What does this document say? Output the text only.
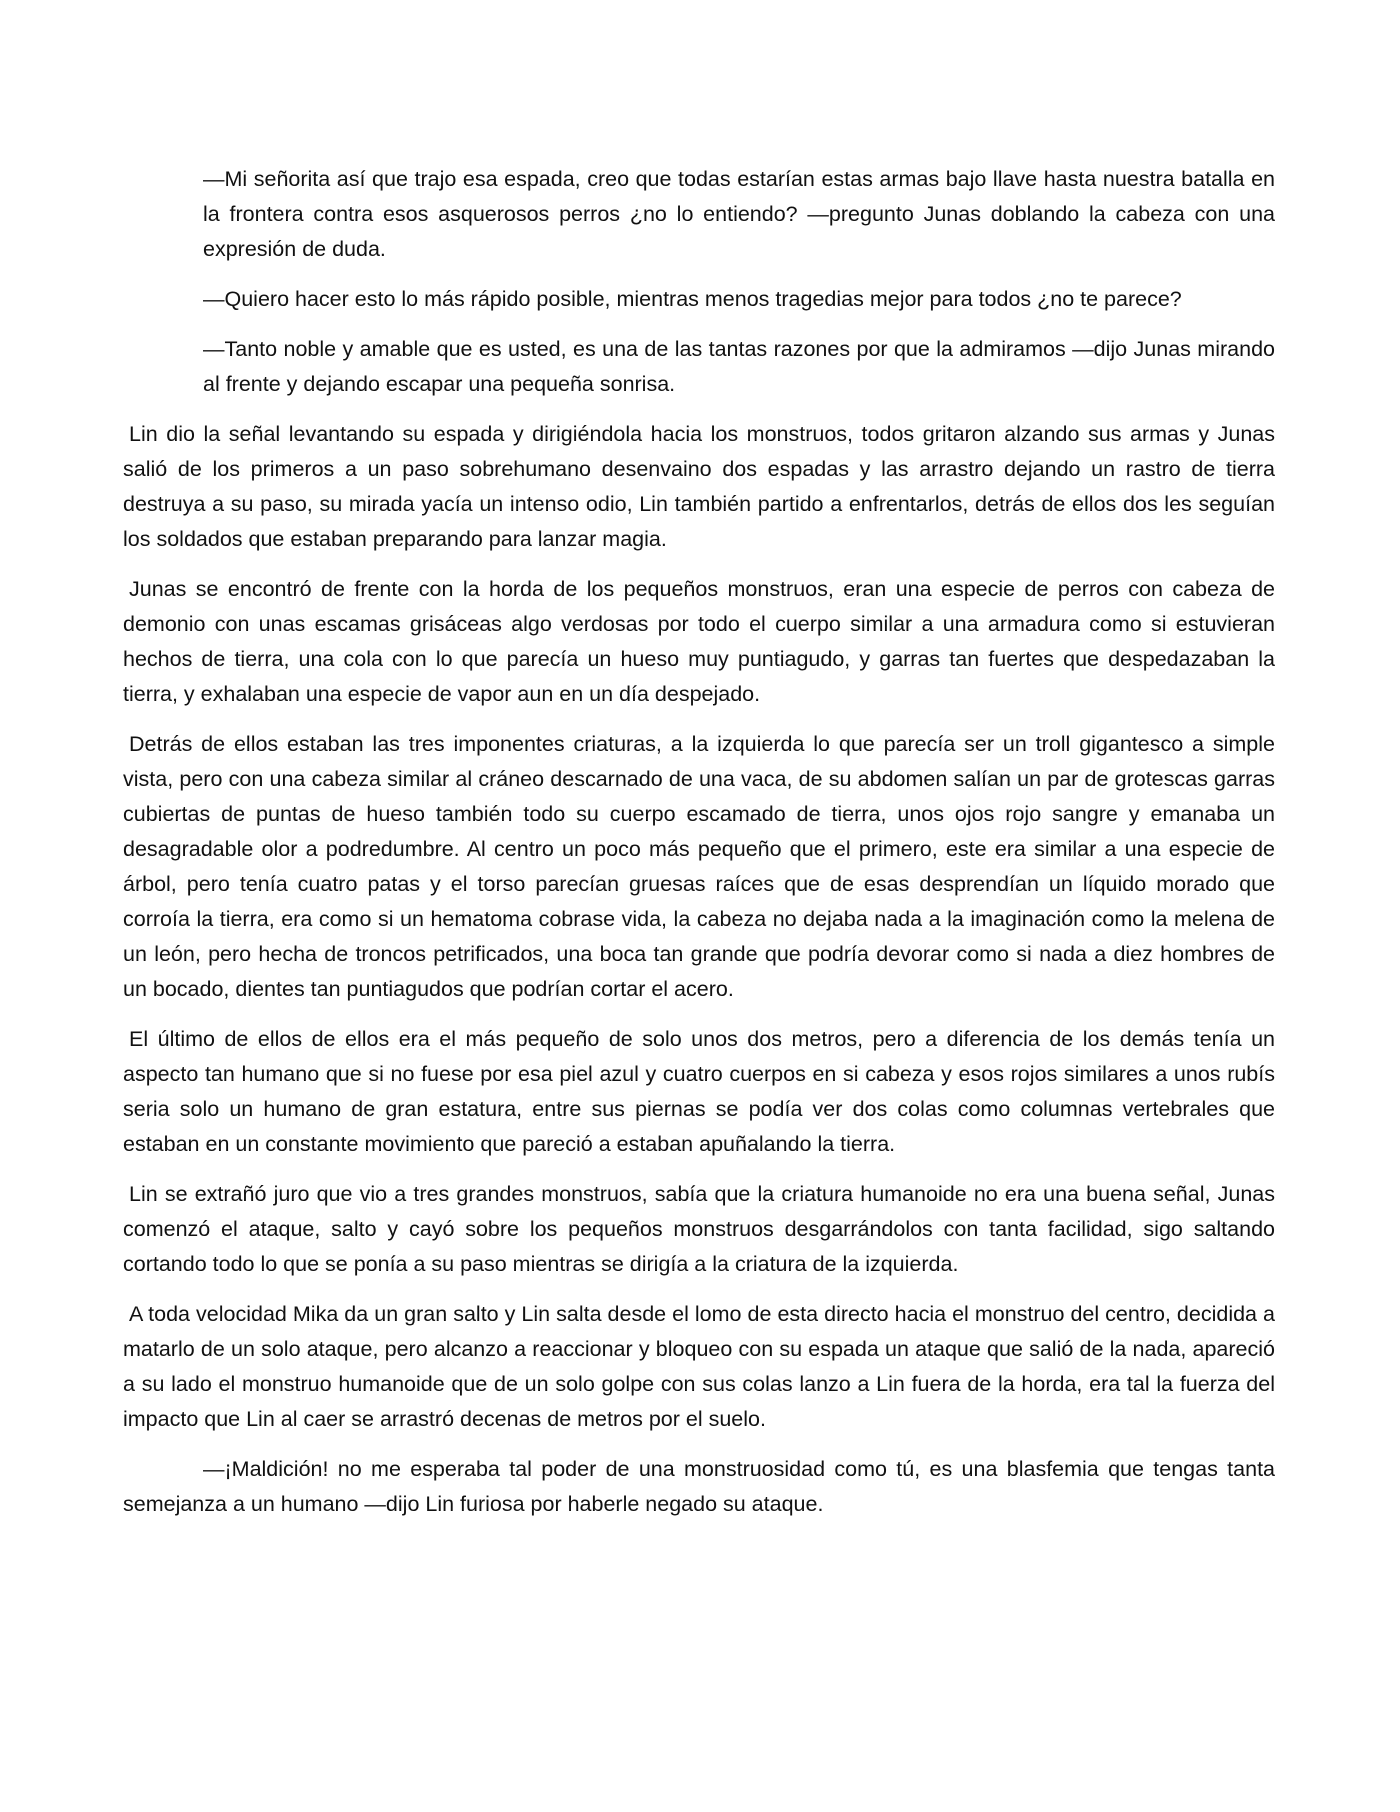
—Mi señorita así que trajo esa espada, creo que todas estarían estas armas bajo llave hasta nuestra batalla en la frontera contra esos asquerosos perros ¿no lo entiendo? —pregunto Junas doblando la cabeza con una expresión de duda.

—Quiero hacer esto lo más rápido posible, mientras menos tragedias mejor para todos ¿no te parece?

—Tanto noble y amable que es usted, es una de las tantas razones por que la admiramos —dijo Junas mirando al frente y dejando escapar una pequeña sonrisa.

Lin dio la señal levantando su espada y dirigiéndola hacia los monstruos, todos gritaron alzando sus armas y Junas salió de los primeros a un paso sobrehumano desenvaino dos espadas y las arrastro dejando un rastro de tierra destruya a su paso, su mirada yacía un intenso odio, Lin también partido a enfrentarlos, detrás de ellos dos les seguían los soldados que estaban preparando para lanzar magia.

Junas se encontró de frente con la horda de los pequeños monstruos, eran una especie de perros con cabeza de demonio con unas escamas grisáceas algo verdosas por todo el cuerpo similar a una armadura como si estuvieran hechos de tierra, una cola con lo que parecía un hueso muy puntiagudo, y garras tan fuertes que despedazaban la tierra, y exhalaban una especie de vapor aun en un día despejado.

Detrás de ellos estaban las tres imponentes criaturas, a la izquierda lo que parecía ser un troll gigantesco a simple vista, pero con una cabeza similar al cráneo descarnado de una vaca, de su abdomen salían un par de grotescas garras cubiertas de puntas de hueso también todo su cuerpo escamado de tierra, unos ojos rojo sangre y emanaba un desagradable olor a podredumbre. Al centro un poco más pequeño que el primero, este era similar a una especie de árbol, pero tenía cuatro patas y el torso parecían gruesas raíces que de esas desprendían un líquido morado que corroía la tierra, era como si un hematoma cobrase vida, la cabeza no dejaba nada a la imaginación como la melena de un león, pero hecha de troncos petrificados, una boca tan grande que podría devorar como si nada a diez hombres de un bocado, dientes tan puntiagudos que podrían cortar el acero.

El último de ellos de ellos era el más pequeño de solo unos dos metros, pero a diferencia de los demás tenía un aspecto tan humano que si no fuese por esa piel azul y cuatro cuerpos en si cabeza y esos rojos similares a unos rubís seria solo un humano de gran estatura, entre sus piernas se podía ver dos colas como columnas vertebrales que estaban en un constante movimiento que pareció a estaban apuñalando la tierra.

Lin se extrañó juro que vio a tres grandes monstruos, sabía que la criatura humanoide no era una buena señal, Junas comenzó el ataque, salto y cayó sobre los pequeños monstruos desgarrándolos con tanta facilidad, sigo saltando cortando todo lo que se ponía a su paso mientras se dirigía a la criatura de la izquierda.

A toda velocidad Mika da un gran salto y Lin salta desde el lomo de esta directo hacia el monstruo del centro, decidida a matarlo de un solo ataque, pero alcanzo a reaccionar y bloqueo con su espada un ataque que salió de la nada, apareció a su lado el monstruo humanoide que de un solo golpe con sus colas lanzo a Lin fuera de la horda, era tal la fuerza del impacto que Lin al caer se arrastró decenas de metros por el suelo.

—¡Maldición! no me esperaba tal poder de una monstruosidad como tú, es una blasfemia que tengas tanta semejanza a un humano —dijo Lin furiosa por haberle negado su ataque.
